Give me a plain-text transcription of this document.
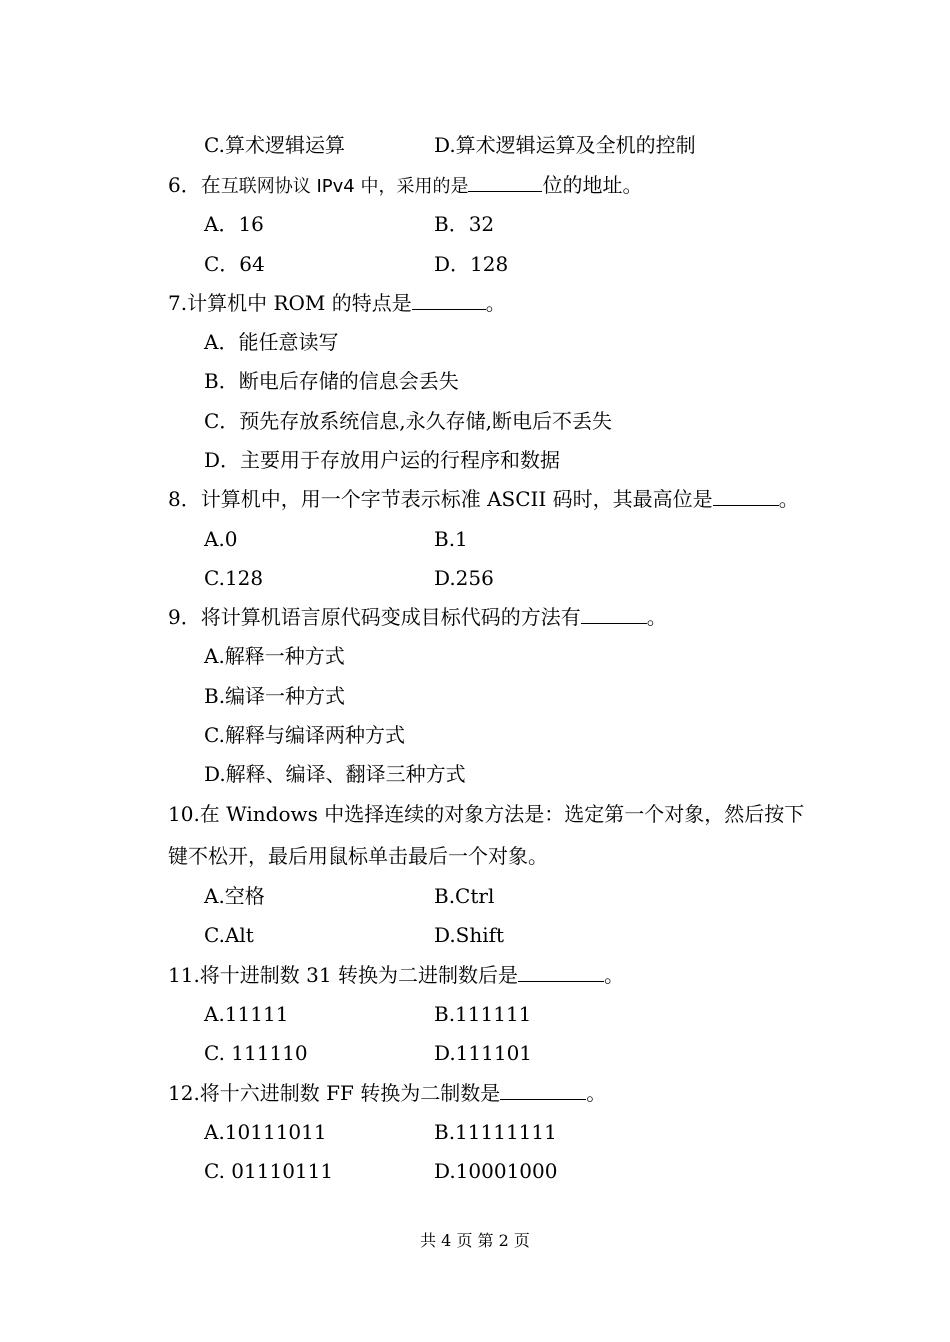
C.算术逻辑运算	D.算术逻辑运算及全机的控制
6．在互联网协议 IPv4 中，采用的是	位的地址。
A．16	B．32
C．64	D．128
7.计算机中 ROM 的特点是	。
A．能任意读写
B．断电后存储的信息会丢失
C．预先存放系统信息,永久存储,断电后不丢失
D．主要用于存放用户运的行程序和数据
8．计算机中，用一个字节表示标准 ASCII 码时，其最高位是	。
A.0	B.1
C.128	D.256
9．将计算机语言原代码变成目标代码的方法有	。
A.解释一种方式
B.编译一种方式
C.解释与编译两种方式
D.解释、编译、翻译三种方式
10.在 Windows 中选择连续的对象方法是：选定第一个对象，然后按下
键不松开，最后用鼠标单击最后一个对象。
A.空格	B.Ctrl
C.Alt	D.Shift
11.将十进制数 31 转换为二进制数后是	。
A.11111	B.111111
C. 111110	D.111101
12.将十六进制数 FF 转换为二制数是	。
A.10111011	B.11111111
C. 01110111	D.10001000
共 4 页 第 2 页
